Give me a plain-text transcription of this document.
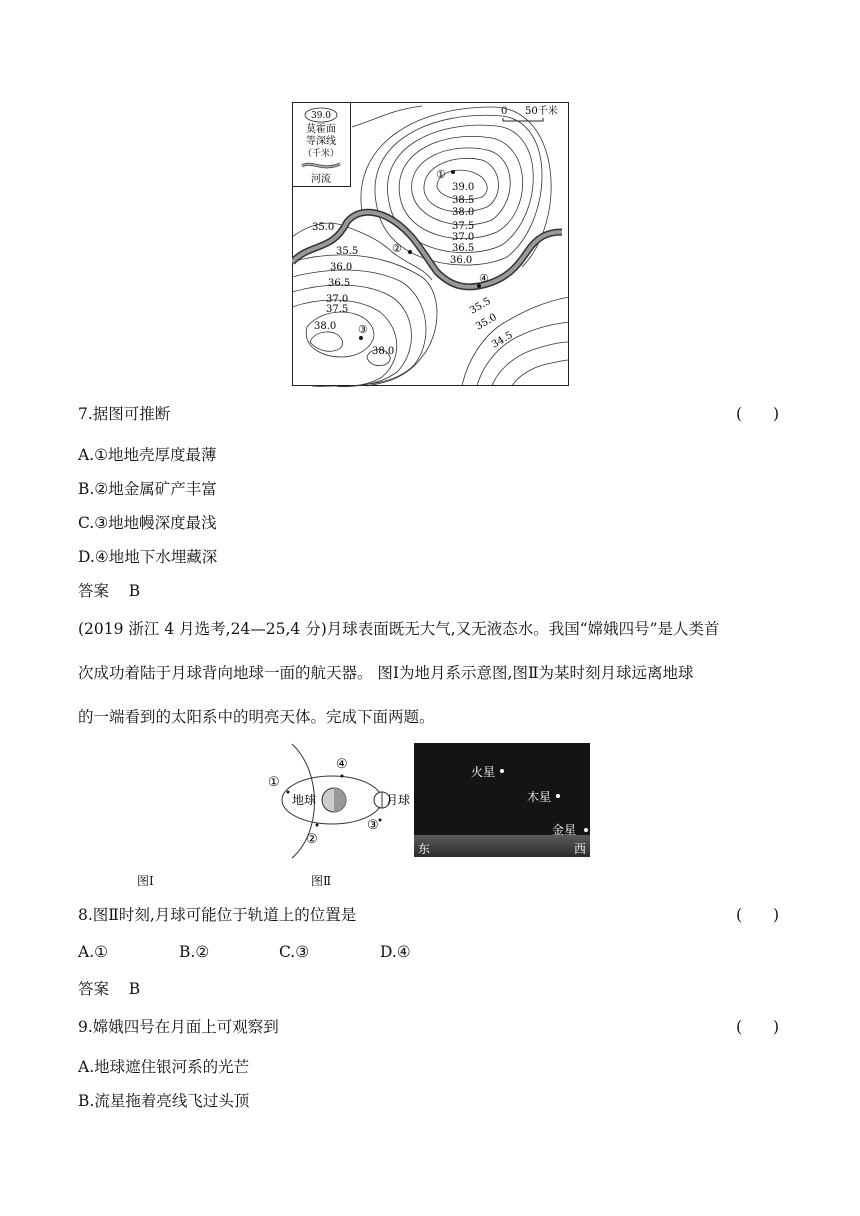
39.0
莫霍面
等深线
（千米）
河流
0 50千米
39.0
38.5
38.0
37.5
37.0
36.5
36.0
35.0
35.5
36.0
36.5
37.0
37.5
38.0
38.0
35.5
35.0
34.5
①
②
③
④
7.据图可推断	(　　)
A.①地地壳厚度最薄
B.②地金属矿产丰富
C.③地地幔深度最浅
D.④地地下水埋藏深
答案 B
(2019 浙江 4 月选考,24—25,4 分)月球表面既无大气,又无液态水。我国“嫦娥四号”是人类首
次成功着陆于月球背向地球一面的航天器。 图Ⅰ为地月系示意图,图Ⅱ为某时刻月球远离地球
的一端看到的太阳系中的明亮天体。完成下面两题。
地球	月球
①
②
③
④	火星
木星
金星
东	西
图Ⅰ	图Ⅱ
8.图Ⅱ时刻,月球可能位于轨道上的位置是	(　　)
A.①	B.②	C.③	D.④
答案 B
9.嫦娥四号在月面上可观察到	(　　)
A.地球遮住银河系的光芒
B.流星拖着亮线飞过头顶
